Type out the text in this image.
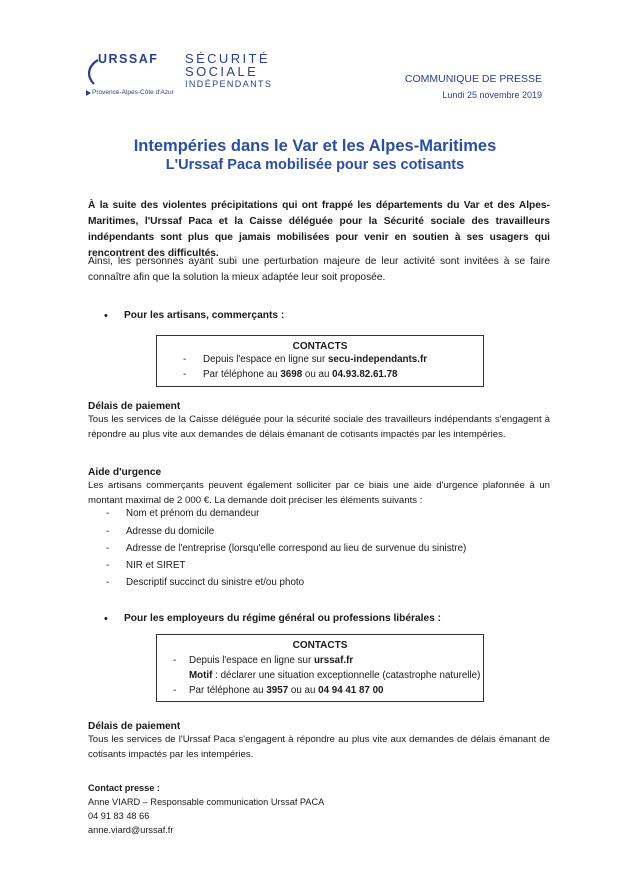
URSSAF
Provence-Alpes-Côte d'Azur
SÉCURITÉ
SOCIALE
INDÉPENDANTS	COMMUNIQUE DE PRESSE
Lundi 25 novembre 2019
Intempéries dans le Var et les Alpes-Maritimes
L'Urssaf Paca mobilisée pour ses cotisants
À la suite des violentes précipitations qui ont frappé les départements du Var et des Alpes-Maritimes, l'Urssaf Paca et la Caisse déléguée pour la Sécurité sociale des travailleurs indépendants sont plus que jamais mobilisées pour venir en soutien à ses usagers qui rencontrent des difficultés.
Ainsi, les personnes ayant subi une perturbation majeure de leur activité sont invitées à se faire connaître afin que la solution la mieux adaptée leur soit proposée.
• Pour les artisans, commerçants :
CONTACTS
- Depuis l'espace en ligne sur secu-independants.fr
- Par téléphone au 3698 ou au 04.93.82.61.78
Délais de paiement
Tous les services de la Caisse déléguée pour la sécurité sociale des travailleurs indépendants s'engagent à répondre au plus vite aux demandes de délais émanant de cotisants impactés par les intempéries.
Aide d'urgence
Les artisans commerçants peuvent également solliciter par ce biais une aide d'urgence plafonnée à un montant maximal de 2 000 €. La demande doit préciser les éléments suivants :
- Nom et prénom du demandeur
- Adresse du domicile
- Adresse de l'entreprise (lorsqu'elle correspond au lieu de survenue du sinistre)
- NIR et SIRET
- Descriptif succinct du sinistre et/ou photo
• Pour les employeurs du régime général ou professions libérales :
CONTACTS
- Depuis l'espace en ligne sur urssaf.fr
Motif : déclarer une situation exceptionnelle (catastrophe naturelle)
- Par téléphone au 3957 ou au 04 94 41 87 00
Délais de paiement
Tous les services de l'Urssaf Paca s'engagent à répondre au plus vite aux demandes de délais émanant de cotisants impactés par les intempéries.
Contact presse :
Anne VIARD – Responsable communication Urssaf PACA
04 91 83 48 66
anne.viard@urssaf.fr
